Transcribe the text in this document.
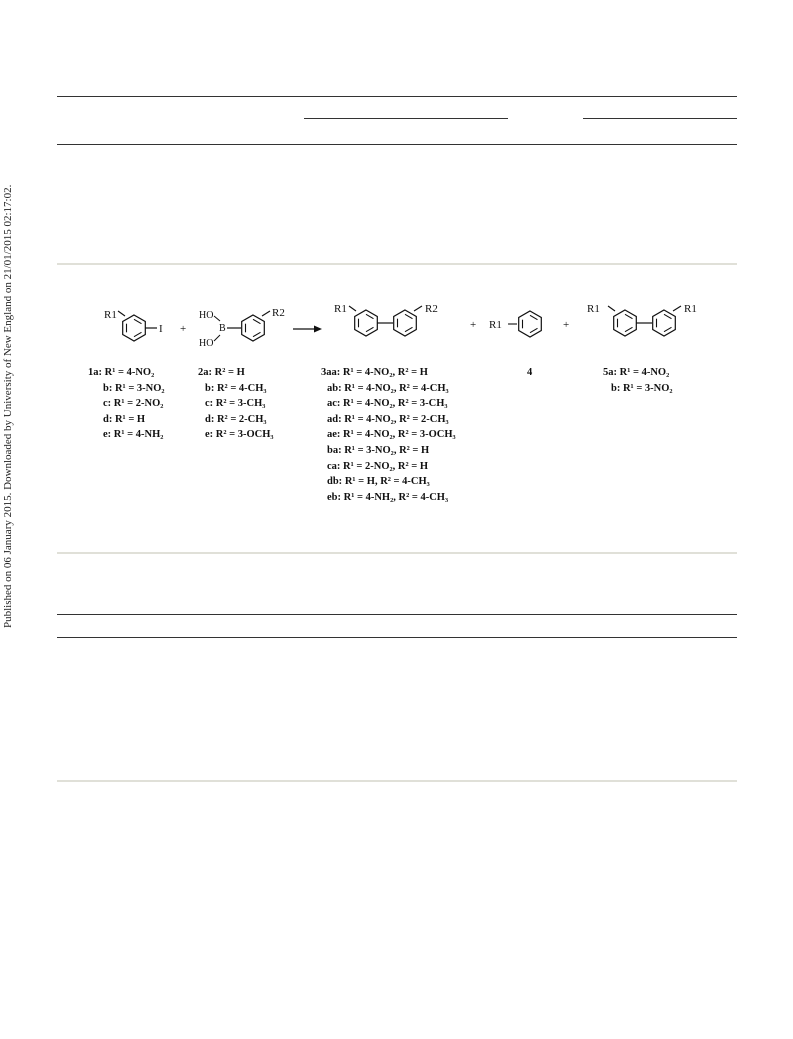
Published on 06 January 2015. Downloaded by University of New England on 21/01/2015 02:17:02.	R1
I +
HO
B
HO
R2	R1	R2
+ R1	+
R1	R1
1a: R¹ = 4-NO₂
b: R¹ = 3-NO₂
c: R¹ = 2-NO₂
d: R¹ = H
e: R¹ = 4-NH₂
2a: R² = H
b: R² = 4-CH₃
c: R² = 3-CH₃
d: R² = 2-CH₃
e: R² = 3-OCH₃
3aa: R¹ = 4-NO₂, R² = H
ab: R¹ = 4-NO₂, R² = 4-CH₃
ac: R¹ = 4-NO₂, R² = 3-CH₃
ad: R¹ = 4-NO₂, R² = 2-CH₃
ae: R¹ = 4-NO₂, R² = 3-OCH₃
ba: R¹ = 3-NO₂, R² = H
ca: R¹ = 2-NO₂, R² = H
db: R¹ = H, R² = 4-CH₃
eb: R¹ = 4-NH₂, R² = 4-CH₃
4	5a: R¹ = 4-NO₂
b: R¹ = 3-NO₂
